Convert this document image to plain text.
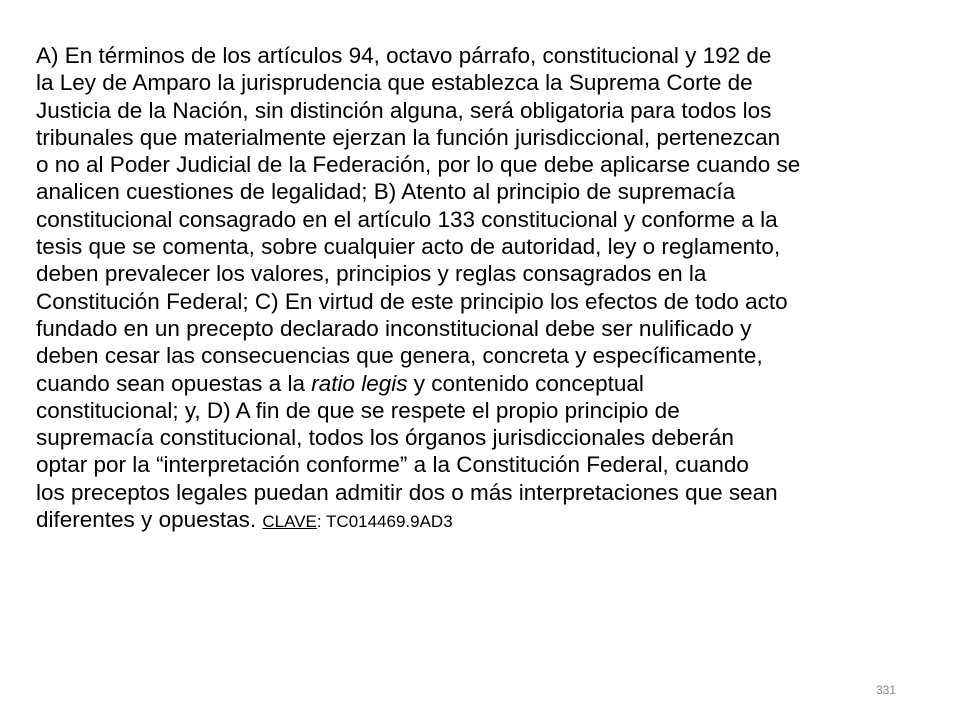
A) En términos de los artículos 94, octavo párrafo, constitucional y 192 de
la Ley de Amparo la jurisprudencia que establezca la Suprema Corte de
Justicia de la Nación, sin distinción alguna, será obligatoria para todos los
tribunales que materialmente ejerzan la función jurisdiccional, pertenezcan
o no al Poder Judicial de la Federación, por lo que debe aplicarse cuando se
analicen cuestiones de legalidad; B) Atento al principio de supremacía
constitucional consagrado en el artículo 133 constitucional y conforme a la
tesis que se comenta, sobre cualquier acto de autoridad, ley o reglamento,
deben prevalecer los valores, principios y reglas consagrados en la
Constitución Federal; C) En virtud de este principio los efectos de todo acto
fundado en un precepto declarado inconstitucional debe ser nulificado y
deben cesar las consecuencias que genera, concreta y específicamente,
cuando sean opuestas a la ratio legis y contenido conceptual
constitucional; y, D) A fin de que se respete el propio principio de
supremacía constitucional, todos los órganos jurisdiccionales deberán
optar por la “interpretación conforme” a la Constitución Federal, cuando
los preceptos legales puedan admitir dos o más interpretaciones que sean
diferentes y opuestas. CLAVE: TC014469.9AD3

331
